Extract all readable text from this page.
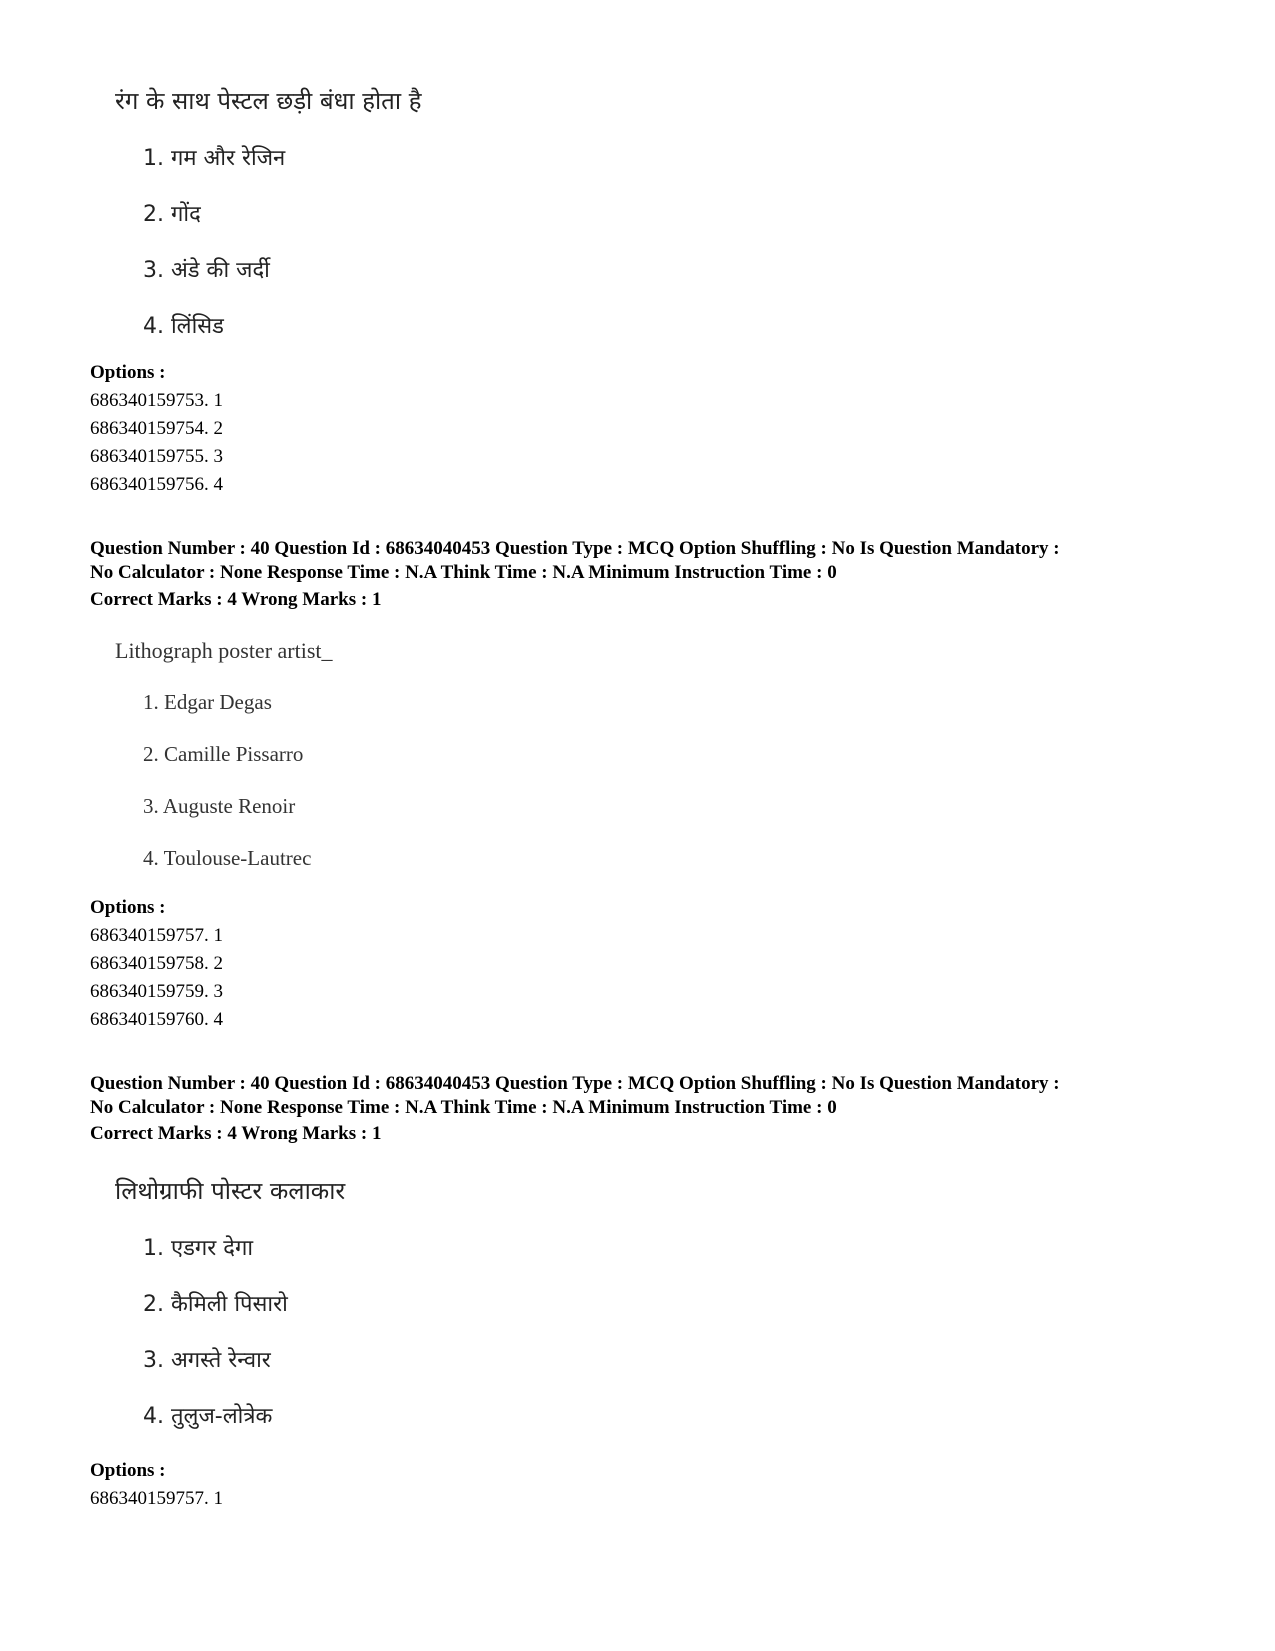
रंग के साथ पेस्टल छड़ी बंधा होता है
1. गम और रेजिन
2. गोंद
3. अंडे की जर्दी
4. लिंसिड
Options :
686340159753. 1
686340159754. 2
686340159755. 3
686340159756. 4
Question Number : 40 Question Id : 68634040453 Question Type : MCQ Option Shuffling : No Is Question Mandatory :
No Calculator : None Response Time : N.A Think Time : N.A Minimum Instruction Time : 0
Correct Marks : 4 Wrong Marks : 1
Lithograph poster artist_
1. Edgar Degas
2. Camille Pissarro
3. Auguste Renoir
4. Toulouse-Lautrec
Options :
686340159757. 1
686340159758. 2
686340159759. 3
686340159760. 4
Question Number : 40 Question Id : 68634040453 Question Type : MCQ Option Shuffling : No Is Question Mandatory :
No Calculator : None Response Time : N.A Think Time : N.A Minimum Instruction Time : 0
Correct Marks : 4 Wrong Marks : 1
लिथोग्राफी पोस्टर कलाकार
1. एडगर देगा
2. कैमिली पिसारो
3. अगस्ते रेन्वार
4. तुलुज-लोत्रेक
Options :
686340159757. 1
